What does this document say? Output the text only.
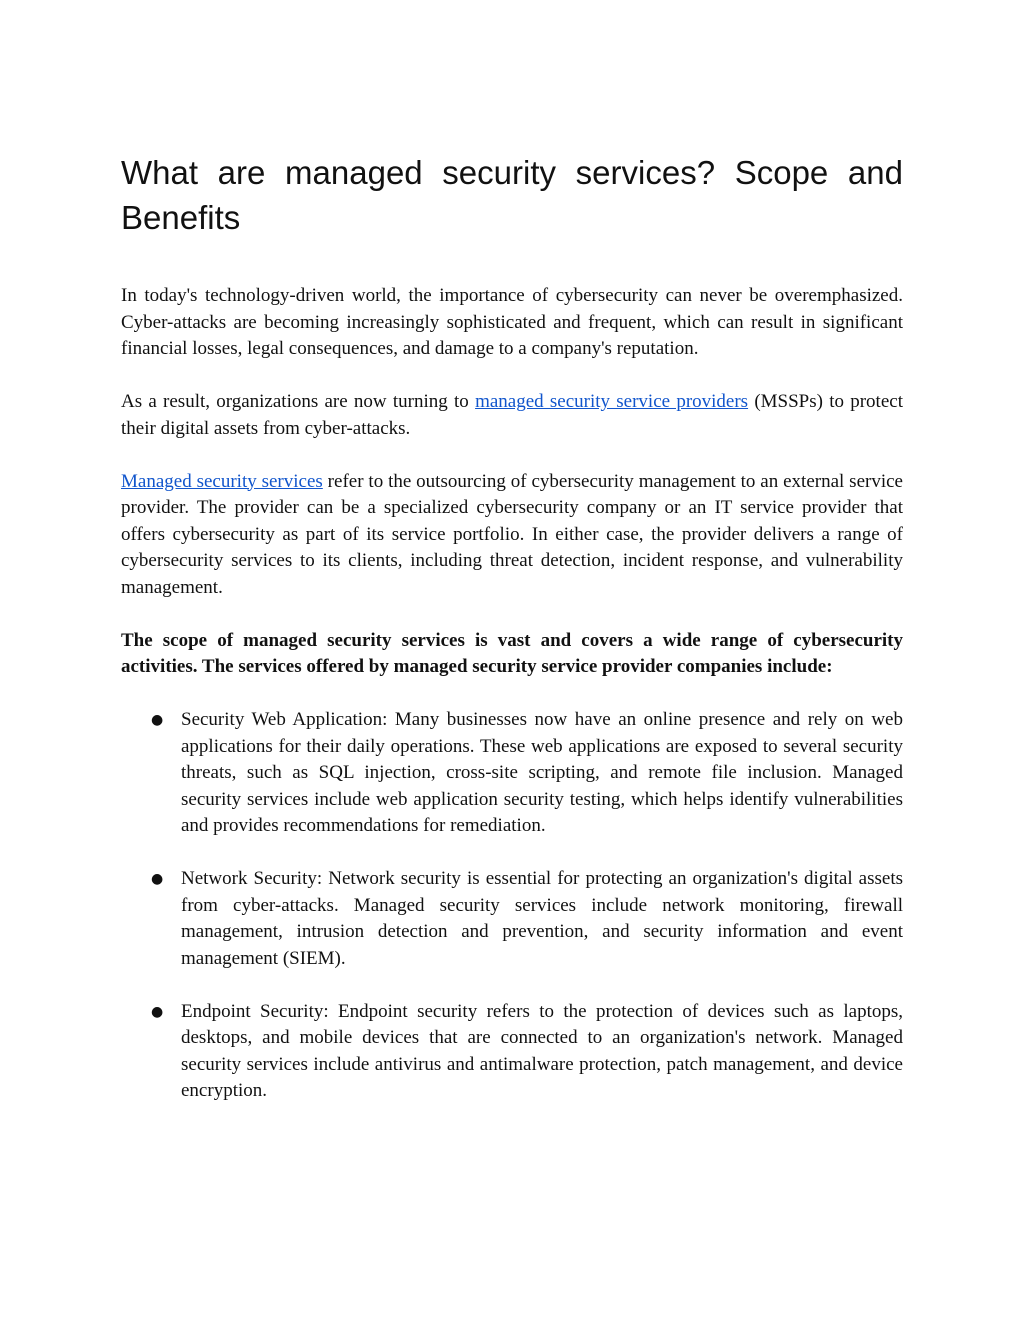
What are managed security services? Scope and Benefits

In today's technology-driven world, the importance of cybersecurity can never be overemphasized. Cyber-attacks are becoming increasingly sophisticated and frequent, which can result in significant financial losses, legal consequences, and damage to a company's reputation.

As a result, organizations are now turning to managed security service providers (MSSPs) to protect their digital assets from cyber-attacks.

Managed security services refer to the outsourcing of cybersecurity management to an external service provider. The provider can be a specialized cybersecurity company or an IT service provider that offers cybersecurity as part of its service portfolio. In either case, the provider delivers a range of cybersecurity services to its clients, including threat detection, incident response, and vulnerability management.

The scope of managed security services is vast and covers a wide range of cybersecurity activities. The services offered by managed security service provider companies include:

● Security Web Application: Many businesses now have an online presence and rely on web applications for their daily operations. These web applications are exposed to several security threats, such as SQL injection, cross-site scripting, and remote file inclusion. Managed security services include web application security testing, which helps identify vulnerabilities and provides recommendations for remediation.
● Network Security: Network security is essential for protecting an organization's digital assets from cyber-attacks. Managed security services include network monitoring, firewall management, intrusion detection and prevention, and security information and event management (SIEM).
● Endpoint Security: Endpoint security refers to the protection of devices such as laptops, desktops, and mobile devices that are connected to an organization's network. Managed security services include antivirus and antimalware protection, patch management, and device encryption.
